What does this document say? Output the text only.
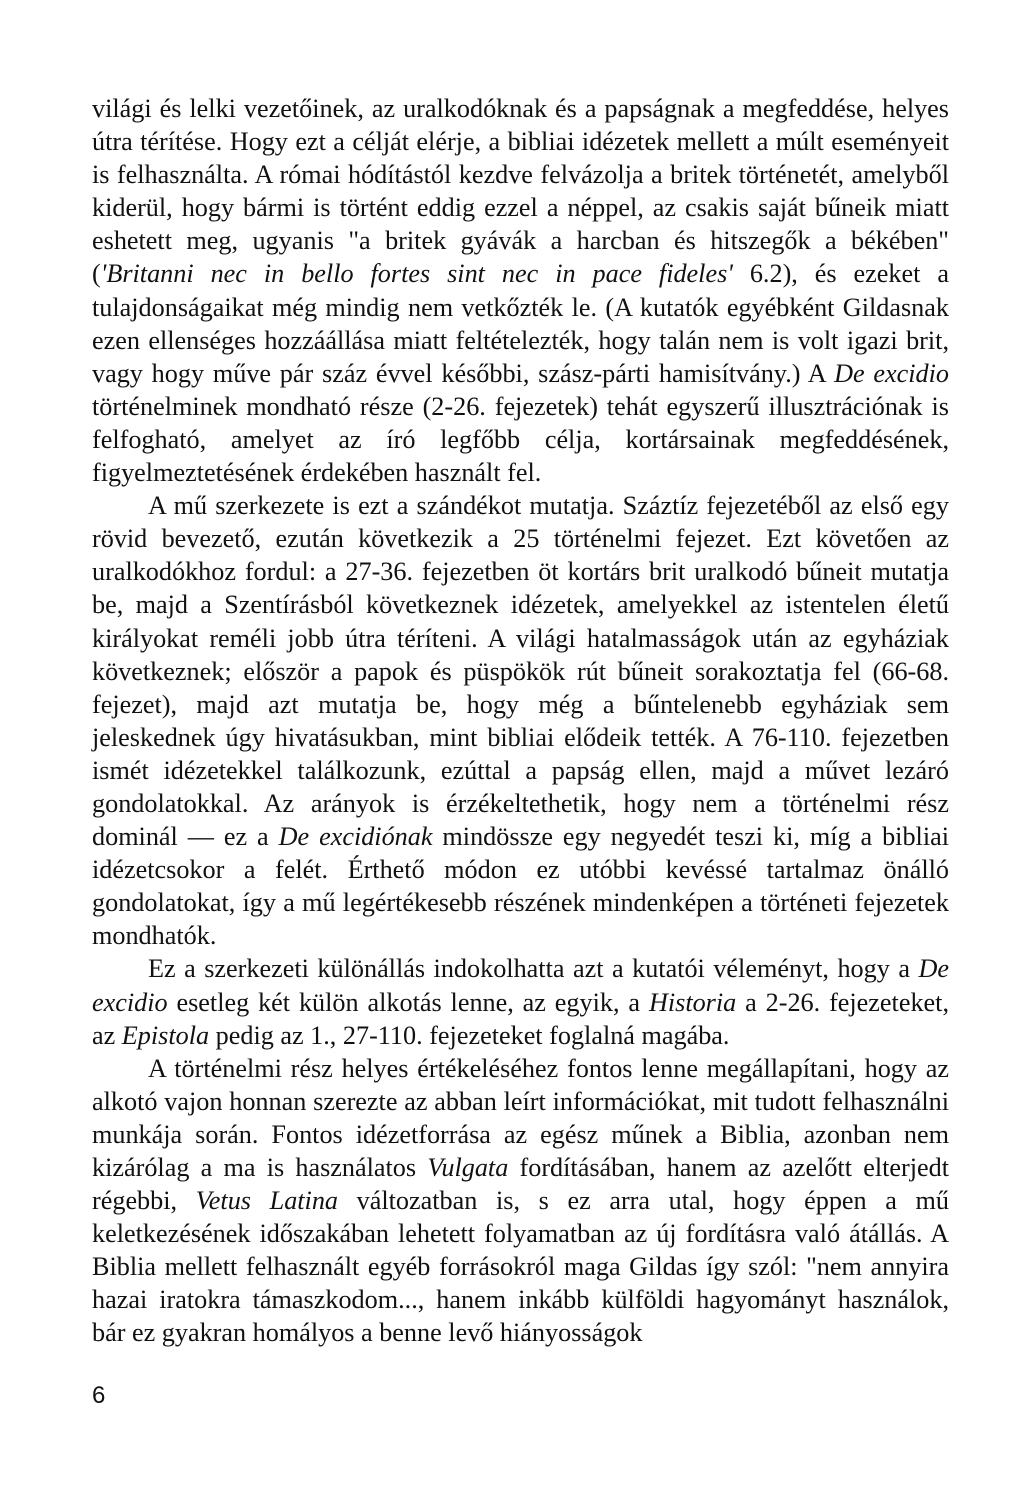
világi és lelki vezetőinek, az uralkodóknak és a papságnak a megfeddése, helyes útra térítése. Hogy ezt a célját elérje, a bibliai idézetek mellett a múlt eseményeit is felhasználta. A római hódítástól kezdve felvázolja a britek történetét, amelyből kiderül, hogy bármi is történt eddig ezzel a néppel, az csakis saját bűneik miatt eshetett meg, ugyanis "a britek gyávák a harcban és hitszegők a békében" ('Britanni nec in bello fortes sint nec in pace fideles' 6.2), és ezeket a tulajdonságaikat még mindig nem vetkőzték le. (A kutatók egyébként Gildasnak ezen ellenséges hozzáállása miatt feltételezték, hogy talán nem is volt igazi brit, vagy hogy műve pár száz évvel későbbi, szász-párti hamisítvány.) A De excidio történelminek mondható része (2-26. fejezetek) tehát egyszerű illusztrációnak is felfogható, amelyet az író legfőbb célja, kortársainak megfeddésének, figyelmeztetésének érdekében használt fel.

A mű szerkezete is ezt a szándékot mutatja. Száztíz fejezetéből az első egy rövid bevezető, ezután következik a 25 történelmi fejezet. Ezt követően az uralkodókhoz fordul: a 27-36. fejezetben öt kortárs brit uralkodó bűneit mutatja be, majd a Szentírásból következnek idézetek, amelyekkel az istentelen életű királyokat reméli jobb útra téríteni. A világi hatalmasságok után az egyháziak következnek; először a papok és püspökök rút bűneit sorakoztatja fel (66-68. fejezet), majd azt mutatja be, hogy még a bűntelenebb egyháziak sem jeleskednek úgy hivatásukban, mint bibliai elődeik tették. A 76-110. fejezetben ismét idézetekkel találkozunk, ezúttal a papság ellen, majd a művet lezáró gondolatokkal. Az arányok is érzékeltethetik, hogy nem a történelmi rész dominál — ez a De excidiónak mindössze egy negyedét teszi ki, míg a bibliai idézetcsokor a felét. Érthető módon ez utóbbi kevéssé tartalmaz önálló gondolatokat, így a mű legértékesebb részének mindenképen a történeti fejezetek mondhatók.

Ez a szerkezeti különállás indokolhatta azt a kutatói véleményt, hogy a De excidio esetleg két külön alkotás lenne, az egyik, a Historia a 2-26. fejezeteket, az Epistola pedig az 1., 27-110. fejezeteket foglalná magába.

A történelmi rész helyes értékeléséhez fontos lenne megállapítani, hogy az alkotó vajon honnan szerezte az abban leírt információkat, mit tudott felhasználni munkája során. Fontos idézetforrása az egész műnek a Biblia, azonban nem kizárólag a ma is használatos Vulgata fordításában, hanem az azelőtt elterjedt régebbi, Vetus Latina változatban is, s ez arra utal, hogy éppen a mű keletkezésének időszakában lehetett folyamatban az új fordításra való átállás. A Biblia mellett felhasznált egyéb forrásokról maga Gildas így szól: "nem annyira hazai iratokra támaszkodom..., hanem inkább külföldi hagyományt használok, bár ez gyakran homályos a benne levő hiányosságok

6
